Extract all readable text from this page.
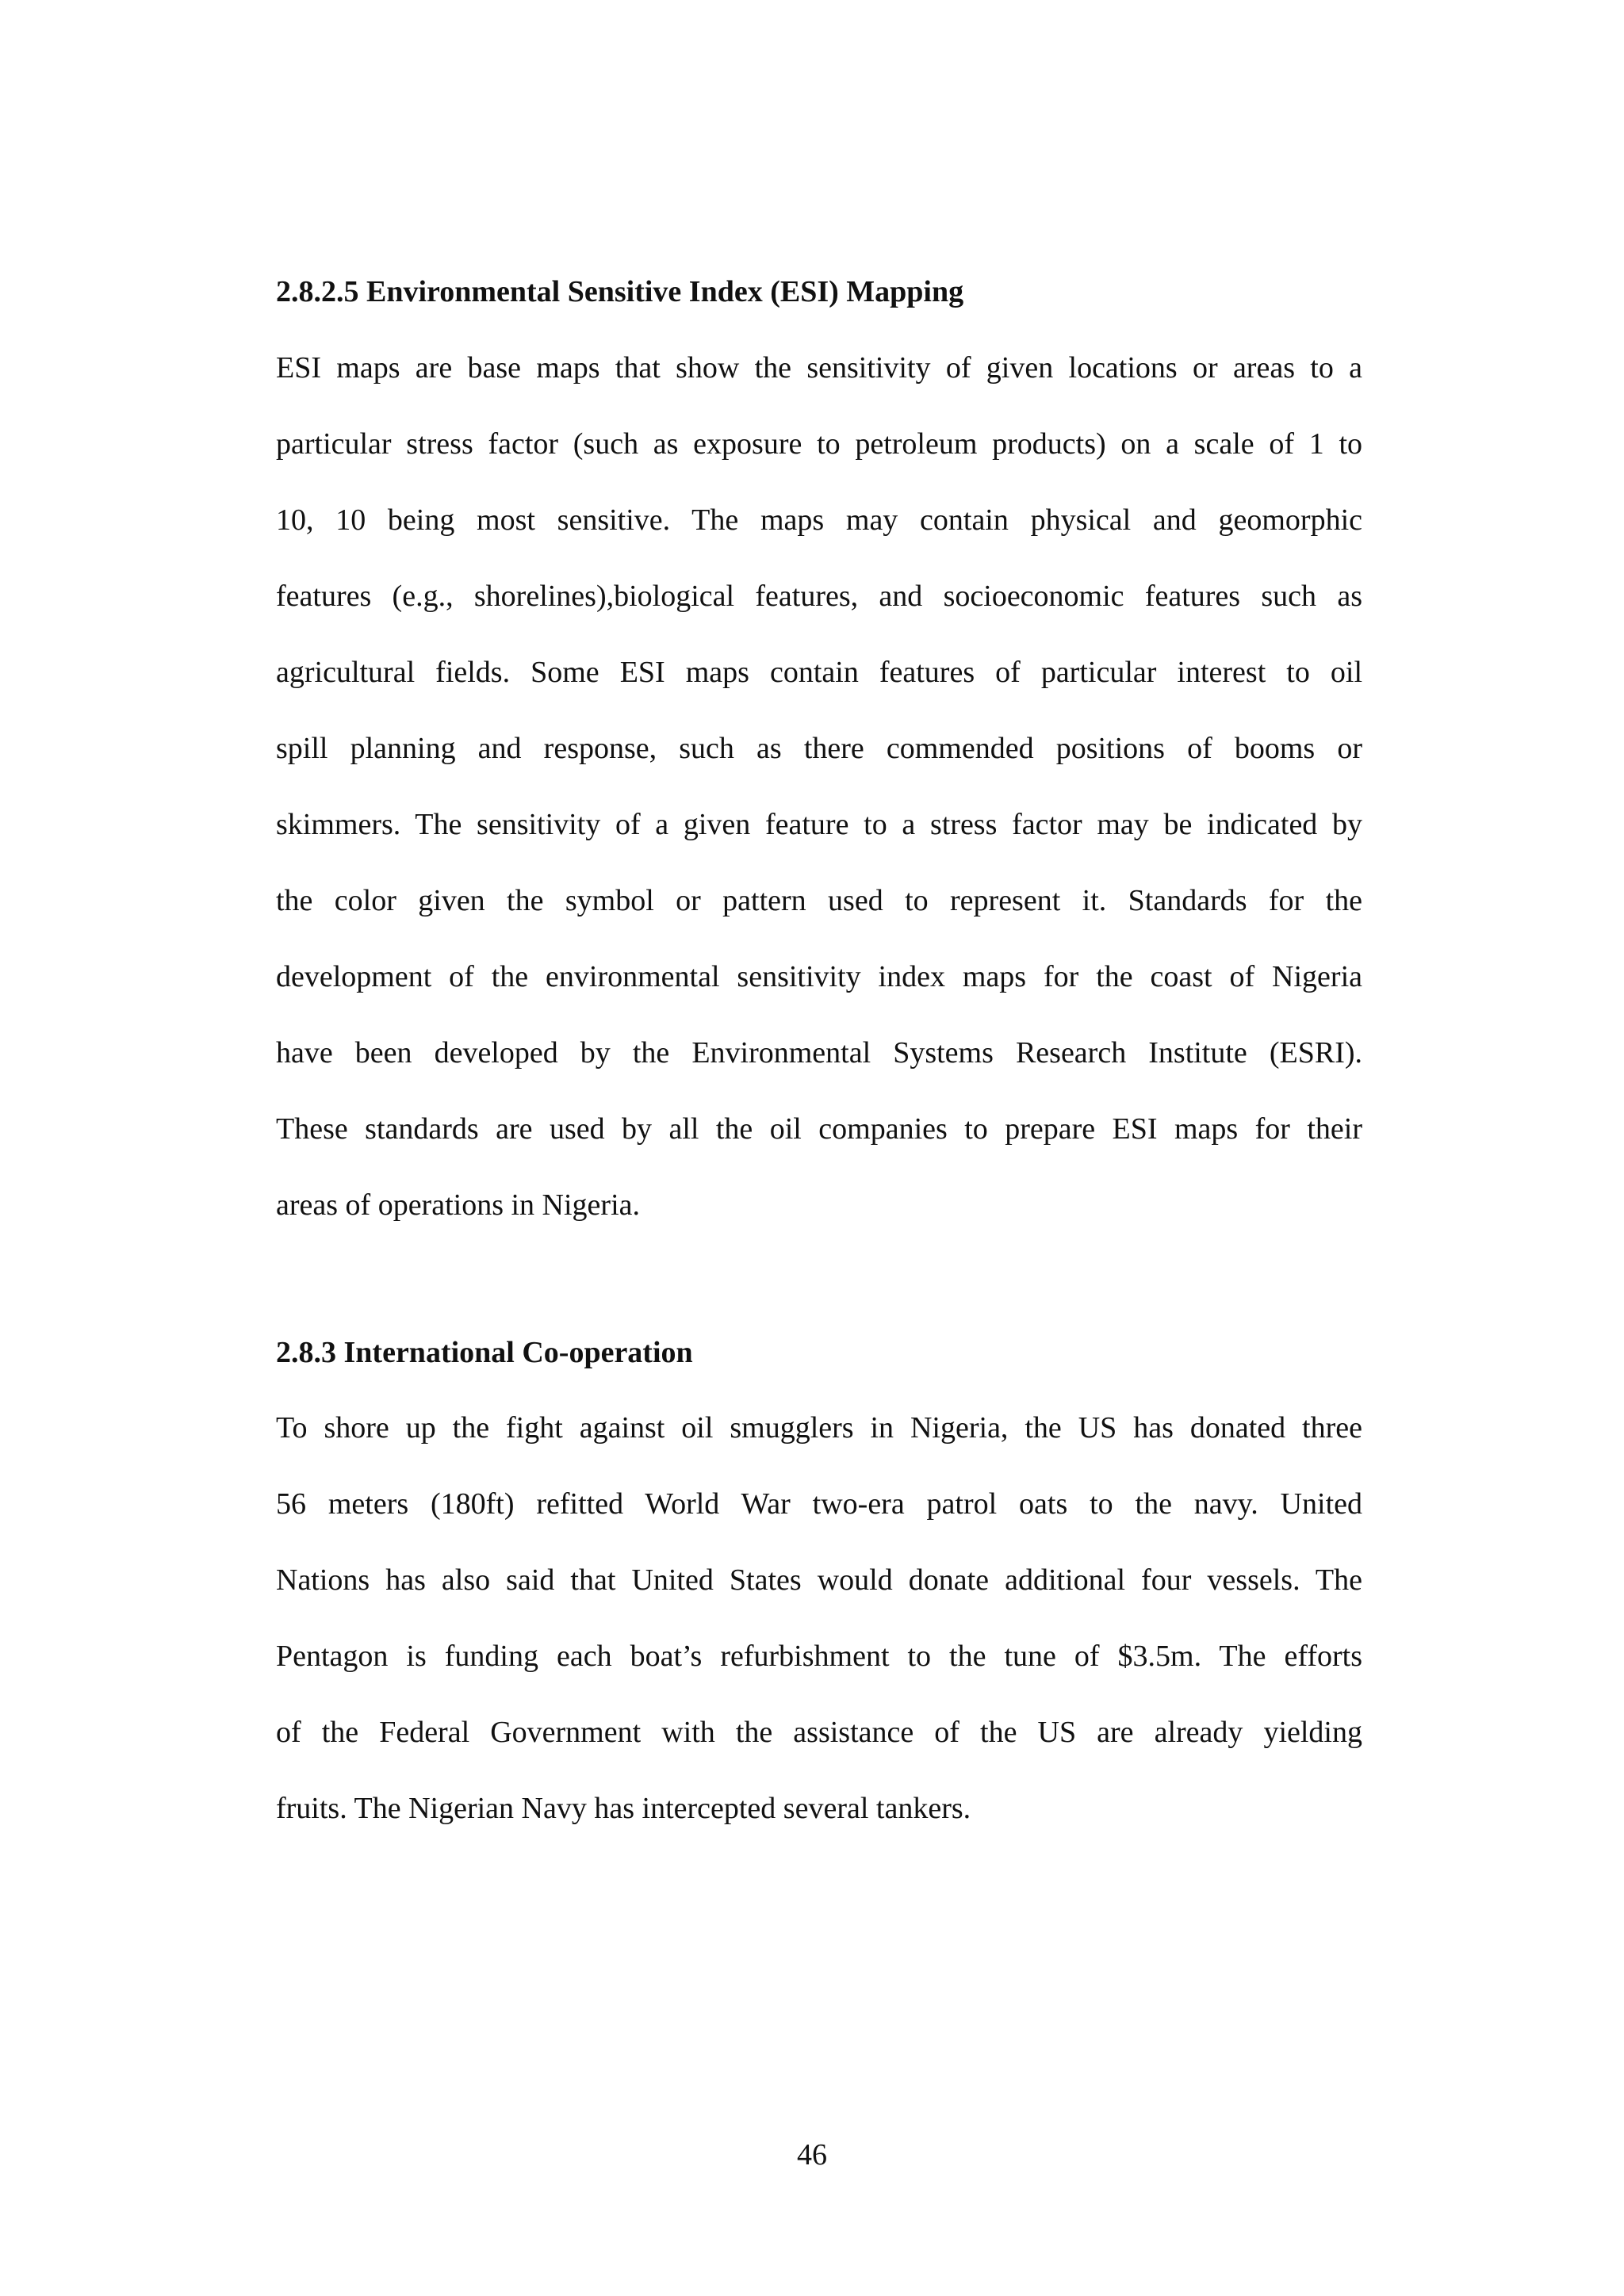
2.8.2.5 Environmental Sensitive Index (ESI) Mapping
ESI maps are base maps that show the sensitivity of given locations or areas to a
particular stress factor (such as exposure to petroleum products) on a scale of 1 to
10, 10 being most sensitive. The maps may contain physical and geomorphic
features (e.g., shorelines),biological features, and socioeconomic features such as
agricultural fields. Some ESI maps contain features of particular interest to oil
spill planning and response, such as there commended positions of booms or
skimmers. The sensitivity of a given feature to a stress factor may be indicated by
the color given the symbol or pattern used to represent it. Standards for the
development of the environmental sensitivity index maps for the coast of Nigeria
have been developed by the Environmental Systems Research Institute (ESRI).
These standards are used by all the oil companies to prepare ESI maps for their
areas of operations in Nigeria.
2.8.3 International Co-operation
To shore up the fight against oil smugglers in Nigeria, the US has donated three
56 meters (180ft) refitted World War two-era patrol oats to the navy. United
Nations has also said that United States would donate additional four vessels. The
Pentagon is funding each boat’s refurbishment to the tune of $3.5m. The efforts
of the Federal Government with the assistance of the US are already yielding
fruits. The Nigerian Navy has intercepted several tankers.
46
